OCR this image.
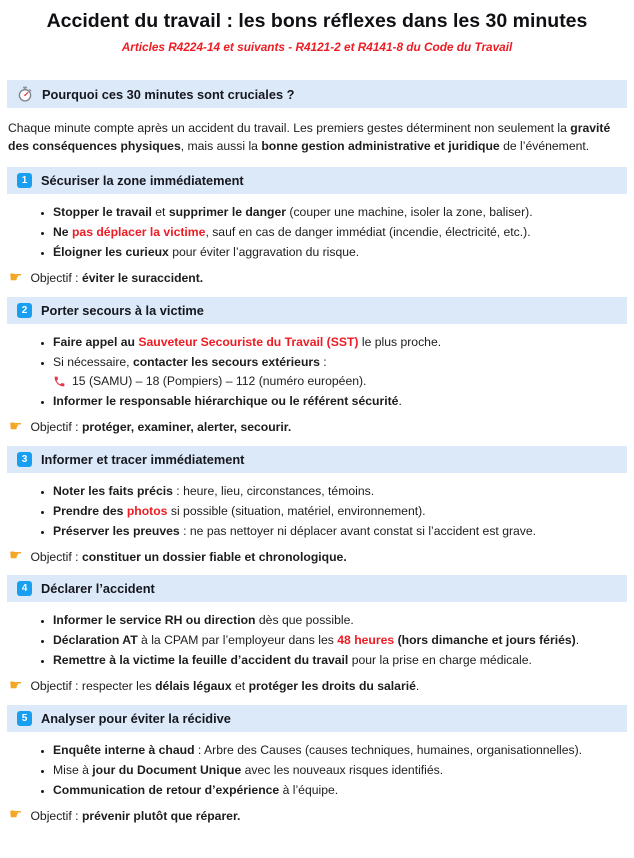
Accident du travail : les bons réflexes dans les 30 minutes
Articles R4224-14 et suivants - R4121-2 et R4141-8 du Code du Travail
Pourquoi ces 30 minutes sont cruciales ?

Chaque minute compte après un accident du travail. Les premiers gestes déterminent non seulement la gravité des conséquences physiques, mais aussi la bonne gestion administrative et juridique de l’événement.

1	Sécuriser la zone immédiatement
• Stopper le travail et supprimer le danger (couper une machine, isoler la zone, baliser).
• Ne pas déplacer la victime, sauf en cas de danger immédiat (incendie, électricité, etc.).
• Éloigner les curieux pour éviter l’aggravation du risque.
☛ Objectif : éviter le suraccident.
2	Porter secours à la victime
• Faire appel au Sauveteur Secouriste du Travail (SST) le plus proche.
• Si nécessaire, contacter les secours extérieurs :
15 (SAMU) – 18 (Pompiers) – 112 (numéro européen).
• Informer le responsable hiérarchique ou le référent sécurité.
☛ Objectif : protéger, examiner, alerter, secourir.
3	Informer et tracer immédiatement
• Noter les faits précis : heure, lieu, circonstances, témoins.
• Prendre des photos si possible (situation, matériel, environnement).
• Préserver les preuves : ne pas nettoyer ni déplacer avant constat si l’accident est grave.
☛ Objectif : constituer un dossier fiable et chronologique.
4	Déclarer l’accident
• Informer le service RH ou direction dès que possible.
• Déclaration AT à la CPAM par l’employeur dans les 48 heures (hors dimanche et jours fériés).
• Remettre à la victime la feuille d’accident du travail pour la prise en charge médicale.
☛ Objectif : respecter les délais légaux et protéger les droits du salarié.
5	Analyser pour éviter la récidive
• Enquête interne à chaud : Arbre des Causes (causes techniques, humaines, organisationnelles).
• Mise à jour du Document Unique avec les nouveaux risques identifiés.
• Communication de retour d’expérience à l’équipe.
☛ Objectif : prévenir plutôt que réparer.
